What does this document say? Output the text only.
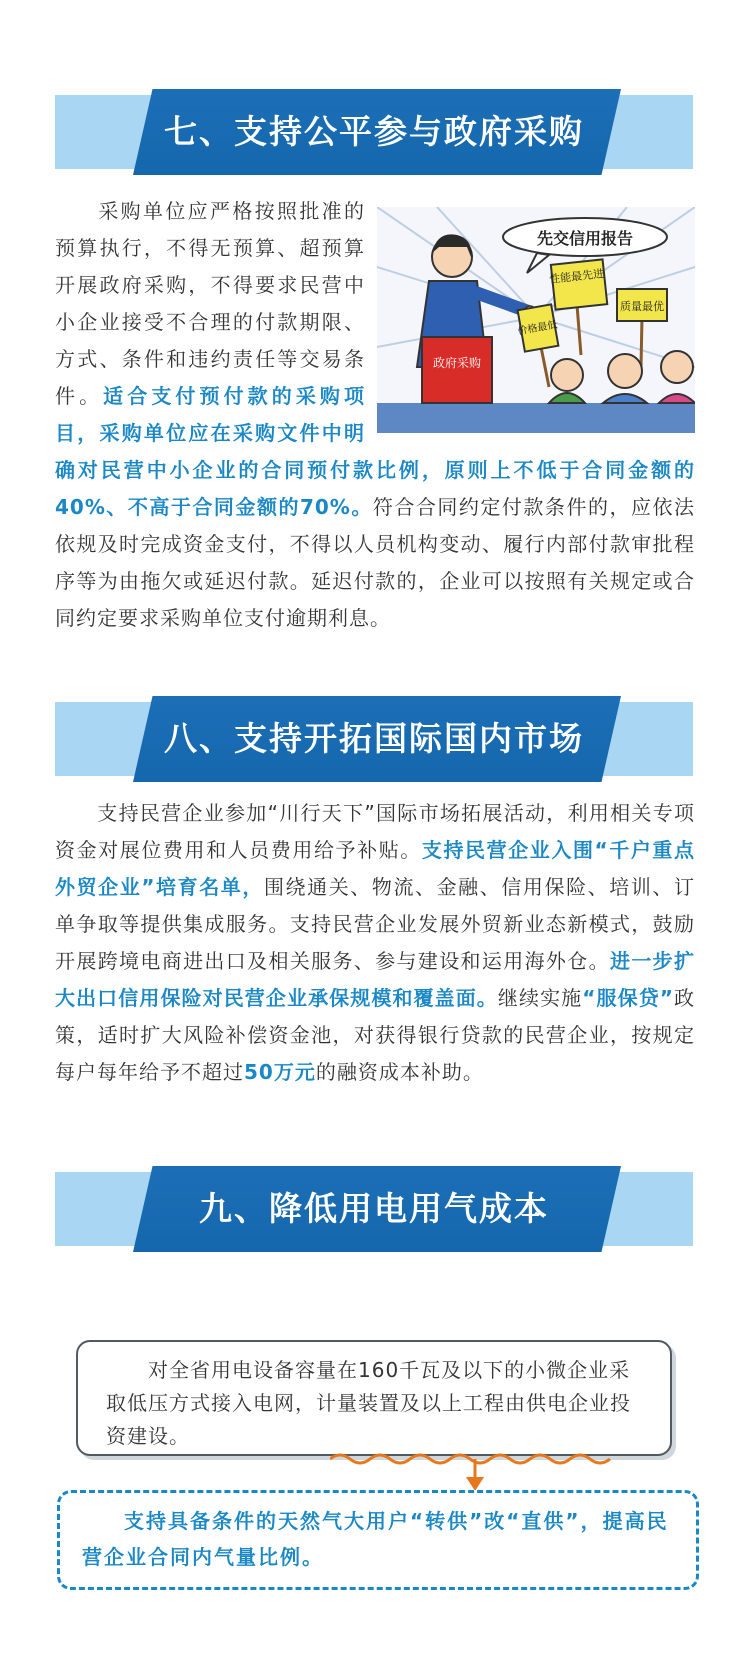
七、支持公平参与政府采购
采购单位应严格按照批准的预算执行，不得无预算、超预算开展政府采购，不得要求民营中小企业接受不合理的付款期限、方式、条件和违约责任等交易条件。适合支付预付款的采购项目，采购单位应在采购文件中明确对民营中小企业的合同预付款比例，原则上不低于合同金额的40%、不高于合同金额的70%。符合合同约定付款条件的，应依法依规及时完成资金支付，不得以人员机构变动、履行内部付款审批程序等为由拖欠或延迟付款。延迟付款的，企业可以按照有关规定或合同约定要求采购单位支付逾期利息。
先交信用报告
政府采购
性能最先进
质量最优
价格最低
八、支持开拓国际国内市场
支持民营企业参加“川行天下”国际市场拓展活动，利用相关专项资金对展位费用和人员费用给予补贴。支持民营企业入围“千户重点外贸企业”培育名单，围绕通关、物流、金融、信用保险、培训、订单争取等提供集成服务。支持民营企业发展外贸新业态新模式，鼓励开展跨境电商进出口及相关服务、参与建设和运用海外仓。进一步扩大出口信用保险对民营企业承保规模和覆盖面。继续实施“服保贷”政策，适时扩大风险补偿资金池，对获得银行贷款的民营企业，按规定每户每年给予不超过50万元的融资成本补助。
九、降低用电用气成本
对全省用电设备容量在160千瓦及以下的小微企业采取低压方式接入电网，计量装置及以上工程由供电企业投资建设。
支持具备条件的天然气大用户“转供”改“直供”，提高民营企业合同内气量比例。
